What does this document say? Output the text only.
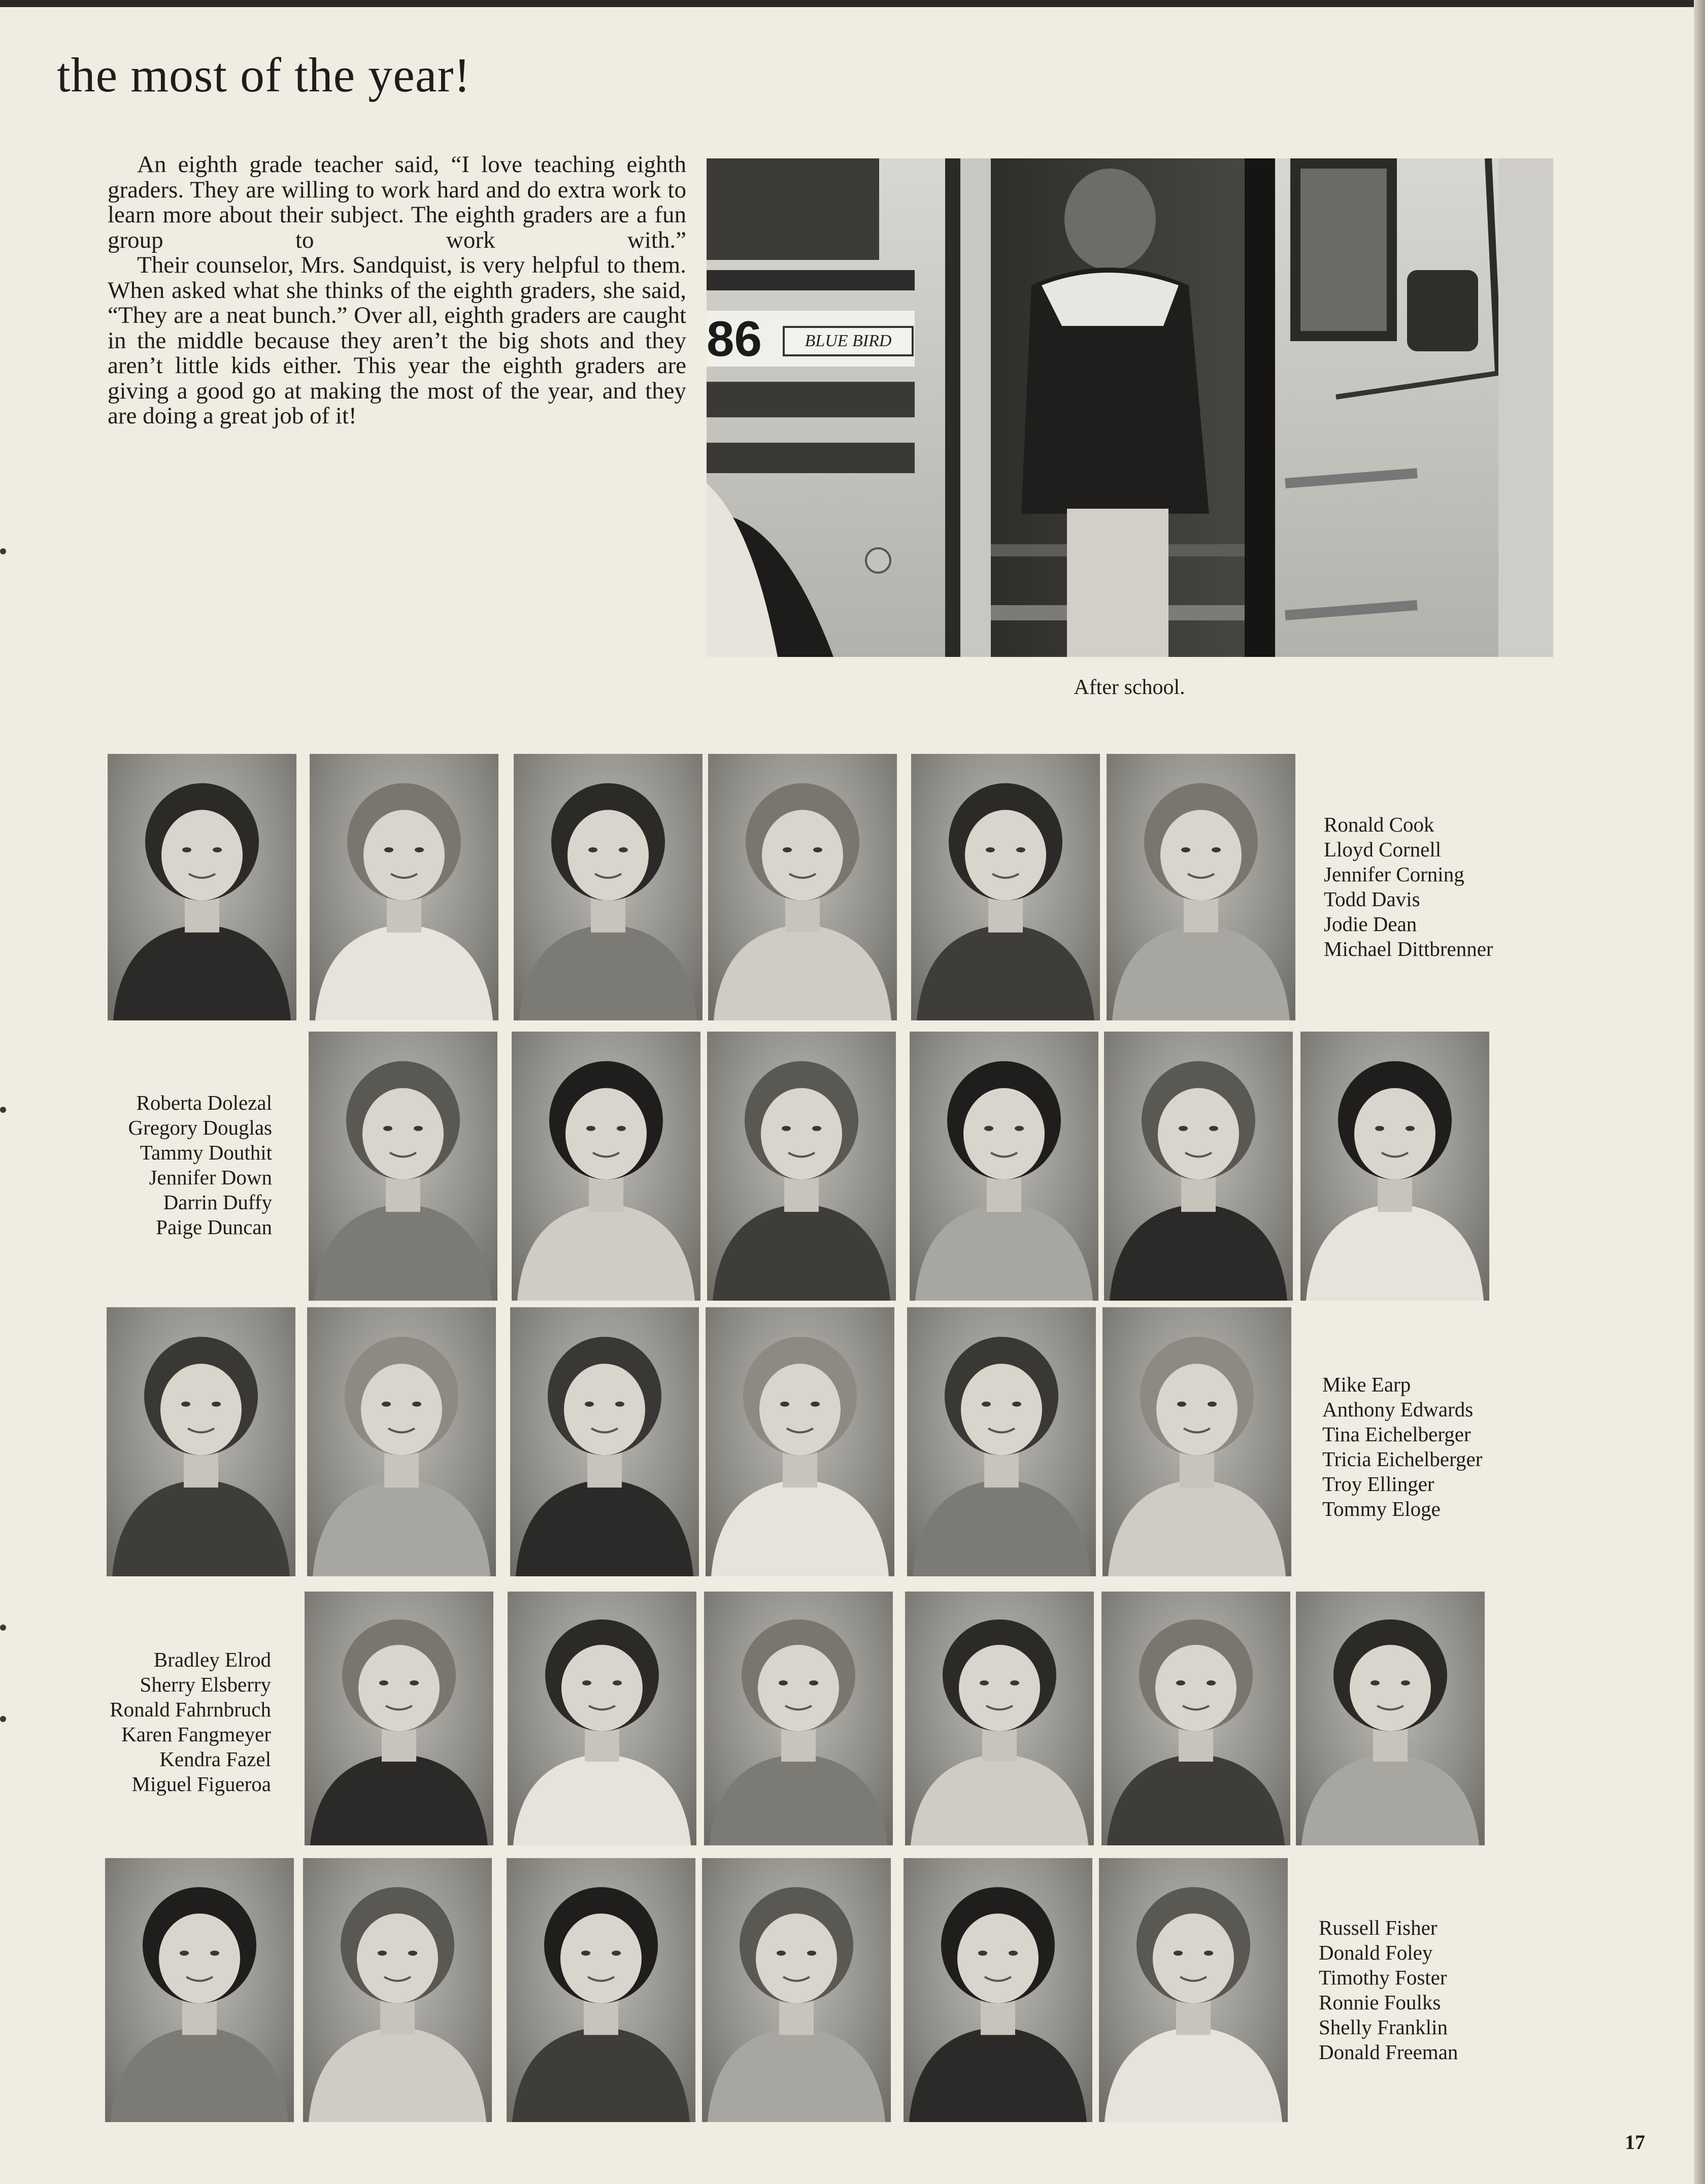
the most of the year!

An eighth grade teacher said, “I love teaching eighth graders. They are willing to work hard and do extra work to learn more about their subject. The eighth graders are a fun group to work with.”

Their counselor, Mrs. Sandquist, is very helpful to them. When asked what she thinks of the eighth graders, she said, “They are a neat bunch.” Over all, eighth graders are caught in the middle because they aren’t the big shots and they aren’t little kids either. This year the eighth graders are giving a good go at making the most of the year, and they are doing a great job of it!

86	BLUE BIRD
After school.
Ronald Cook
Lloyd Cornell
Jennifer Corning
Todd Davis
Jodie Dean
Michael Dittbrenner
Roberta Dolezal
Gregory Douglas
Tammy Douthit
Jennifer Down
Darrin Duffy
Paige Duncan
Mike Earp
Anthony Edwards
Tina Eichelberger
Tricia Eichelberger
Troy Ellinger
Tommy Eloge
Bradley Elrod
Sherry Elsberry
Ronald Fahrnbruch
Karen Fangmeyer
Kendra Fazel
Miguel Figueroa
Russell Fisher
Donald Foley
Timothy Foster
Ronnie Foulks
Shelly Franklin
Donald Freeman
17
